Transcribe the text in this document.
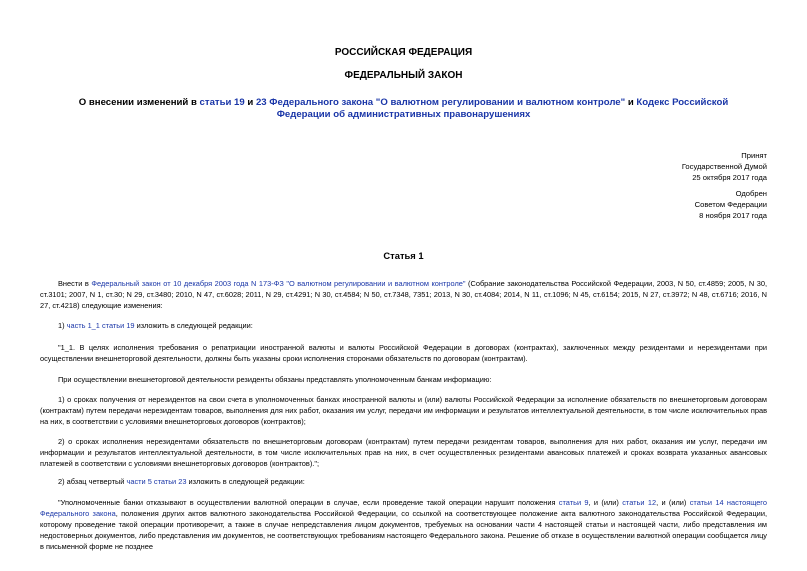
РОССИЙСКАЯ ФЕДЕРАЦИЯ
ФЕДЕРАЛЬНЫЙ ЗАКОН
О внесении изменений в статьи 19 и 23 Федерального закона "О валютном регулировании и валютном контроле" и Кодекс Российской Федерации об административных правонарушениях
Принят
Государственной Думой
25 октября 2017 года
Одобрен
Советом Федерации
8 ноября 2017 года
Статья 1
Внести в Федеральный закон от 10 декабря 2003 года N 173-ФЗ "О валютном регулировании и валютном контроле" (Собрание законодательства Российской Федерации, 2003, N 50, ст.4859; 2005, N 30, ст.3101; 2007, N 1, ст.30; N 29, ст.3480; 2010, N 47, ст.6028; 2011, N 29, ст.4291; N 30, ст.4584; N 50, ст.7348, 7351; 2013, N 30, ст.4084; 2014, N 11, ст.1096; N 45, ст.6154; 2015, N 27, ст.3972; N 48, ст.6716; 2016, N 27, ст.4218) следующие изменения:
1) часть 1_1 статьи 19 изложить в следующей редакции:
"1_1. В целях исполнения требования о репатриации иностранной валюты и валюты Российской Федерации в договорах (контрактах), заключенных между резидентами и нерезидентами при осуществлении внешнеторговой деятельности, должны быть указаны сроки исполнения сторонами обязательств по договорам (контрактам).
При осуществлении внешнеторговой деятельности резиденты обязаны представлять уполномоченным банкам информацию:
1) о сроках получения от нерезидентов на свои счета в уполномоченных банках иностранной валюты и (или) валюты Российской Федерации за исполнение обязательств по внешнеторговым договорам (контрактам) путем передачи нерезидентам товаров, выполнения для них работ, оказания им услуг, передачи им информации и результатов интеллектуальной деятельности, в том числе исключительных прав на них, в соответствии с условиями внешнеторговых договоров (контрактов);
2) о сроках исполнения нерезидентами обязательств по внешнеторговым договорам (контрактам) путем передачи резидентам товаров, выполнения для них работ, оказания им услуг, передачи им информации и результатов интеллектуальной деятельности, в том числе исключительных прав на них, в счет осуществленных резидентами авансовых платежей и сроках возврата указанных авансовых платежей в соответствии с условиями внешнеторговых договоров (контрактов).";
2) абзац четвертый части 5 статьи 23 изложить в следующей редакции:
"Уполномоченные банки отказывают в осуществлении валютной операции в случае, если проведение такой операции нарушит положения статьи 9, и (или) статьи 12, и (или) статьи 14 настоящего Федерального закона, положения других актов валютного законодательства Российской Федерации, со ссылкой на соответствующее положение акта валютного законодательства Российской Федерации, которому проведение такой операции противоречит, а также в случае непредставления лицом документов, требуемых на основании части 4 настоящей статьи и настоящей части, либо представления им недостоверных документов, либо представления им документов, не соответствующих требованиям настоящего Федерального закона. Решение об отказе в осуществлении валютной операции сообщается лицу в письменной форме не позднее
